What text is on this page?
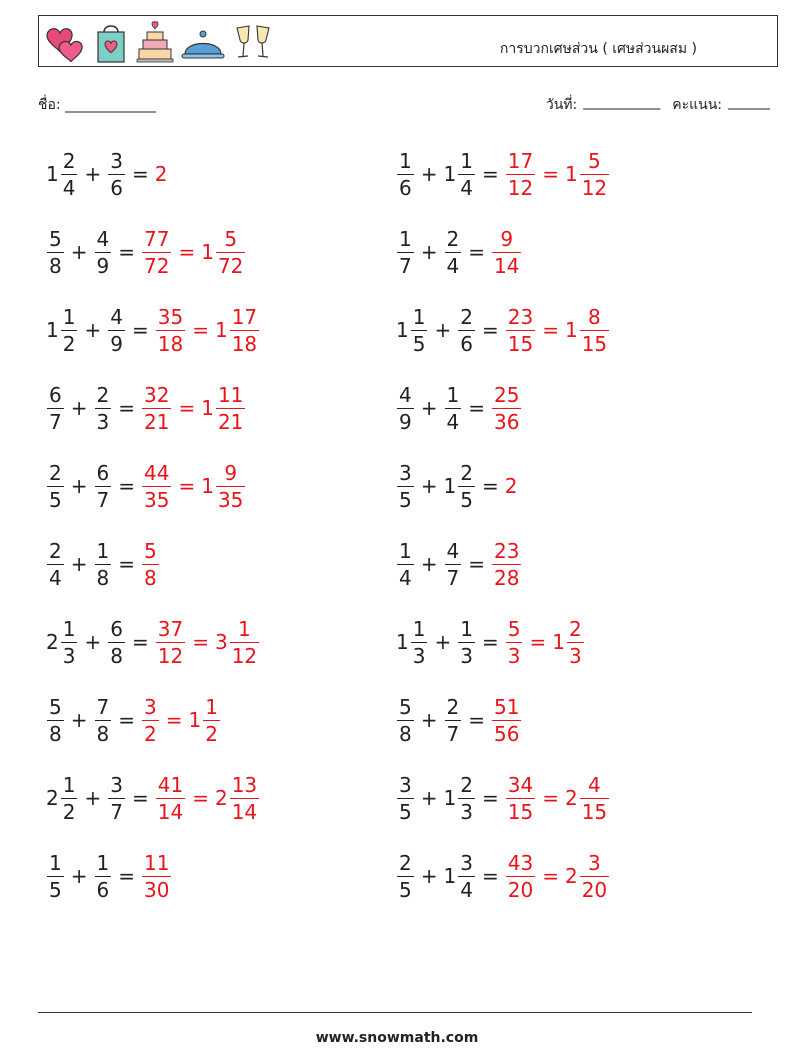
การบวกเศษส่วน ( เศษส่วนผสม )
ชื่อ: _____________	วันที่: ___________ คะแนน: ______
$1 \frac{2}{4} + \frac{3}{6} = 2$	$\frac{1}{6} + 1 \frac{1}{4} = \frac{17}{12} = 1 \frac{5}{12}$
$\frac{5}{8} + \frac{4}{9} = \frac{77}{72} = 1 \frac{5}{72}$	$\frac{1}{7} + \frac{2}{4} = \frac{9}{14}$
$1 \frac{1}{2} + \frac{4}{9} = \frac{35}{18} = 1 \frac{17}{18}$	$1 \frac{1}{5} + \frac{2}{6} = \frac{23}{15} = 1 \frac{8}{15}$
$\frac{6}{7} + \frac{2}{3} = \frac{32}{21} = 1 \frac{11}{21}$	$\frac{4}{9} + \frac{1}{4} = \frac{25}{36}$
$\frac{2}{5} + \frac{6}{7} = \frac{44}{35} = 1 \frac{9}{35}$	$\frac{3}{5} + 1 \frac{2}{5} = 2$
$\frac{2}{4} + \frac{1}{8} = \frac{5}{8}$	$\frac{1}{4} + \frac{4}{7} = \frac{23}{28}$
$2 \frac{1}{3} + \frac{6}{8} = \frac{37}{12} = 3 \frac{1}{12}$	$1 \frac{1}{3} + \frac{1}{3} = \frac{5}{3} = 1 \frac{2}{3}$
$\frac{5}{8} + \frac{7}{8} = \frac{3}{2} = 1 \frac{1}{2}$	$\frac{5}{8} + \frac{2}{7} = \frac{51}{56}$
$2 \frac{1}{2} + \frac{3}{7} = \frac{41}{14} = 2 \frac{13}{14}$	$\frac{3}{5} + 1 \frac{2}{3} = \frac{34}{15} = 2 \frac{4}{15}$
$\frac{1}{5} + \frac{1}{6} = \frac{11}{30}$	$\frac{2}{5} + 1 \frac{3}{4} = \frac{43}{20} = 2 \frac{3}{20}$
www.snowmath.com
